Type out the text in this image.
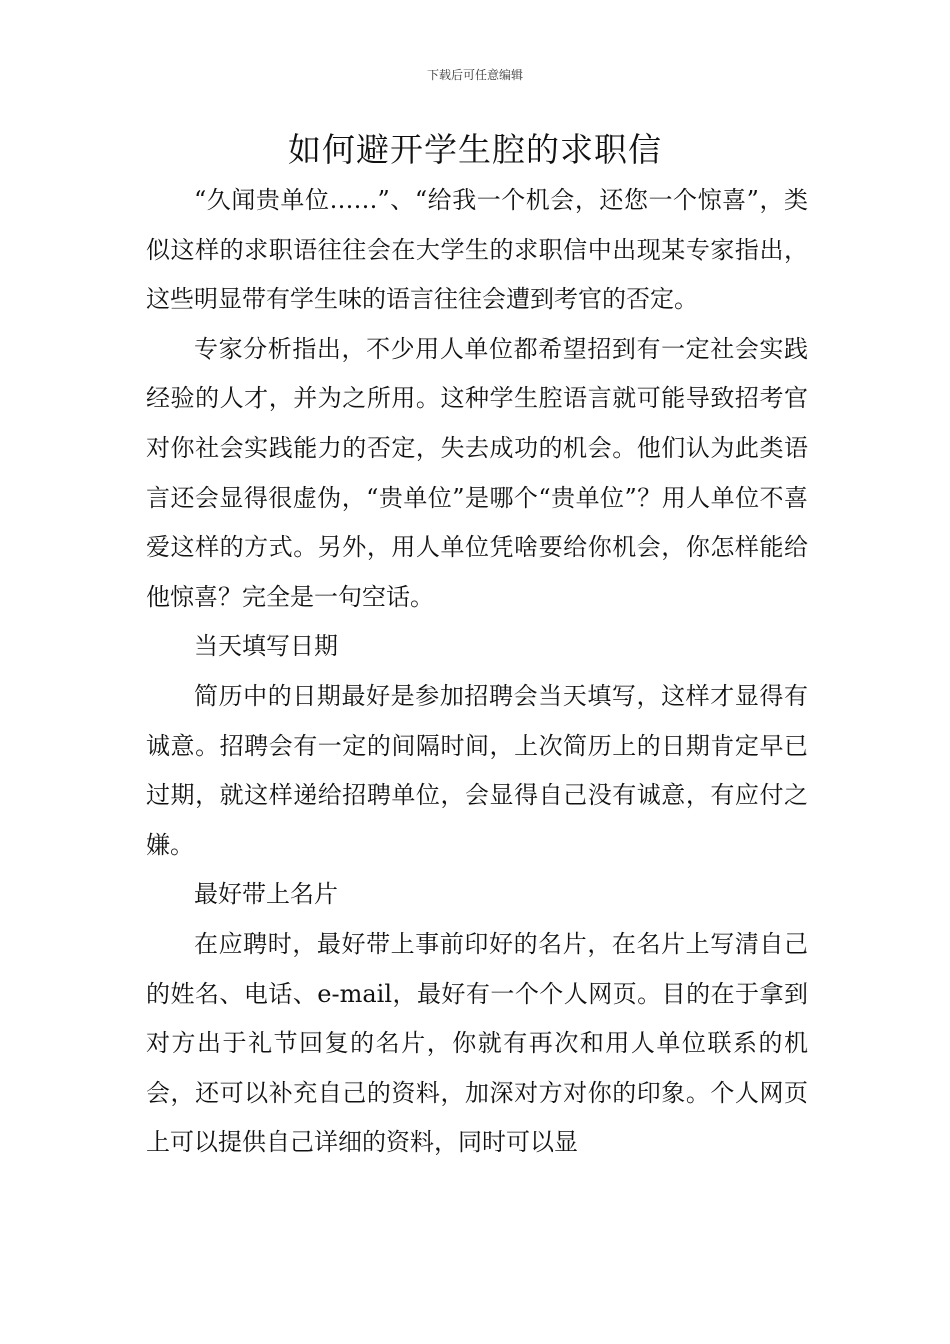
下载后可任意编辑
如何避开学生腔的求职信

“久闻贵单位……”、“给我一个机会，还您一个惊喜”，类似这样的求职语往往会在大学生的求职信中出现某专家指出，这些明显带有学生味的语言往往会遭到考官的否定。

专家分析指出，不少用人单位都希望招到有一定社会实践经验的人才，并为之所用。这种学生腔语言就可能导致招考官对你社会实践能力的否定，失去成功的机会。他们认为此类语言还会显得很虚伪，“贵单位”是哪个“贵单位”？用人单位不喜爱这样的方式。另外，用人单位凭啥要给你机会，你怎样能给他惊喜？完全是一句空话。

当天填写日期

简历中的日期最好是参加招聘会当天填写，这样才显得有诚意。招聘会有一定的间隔时间，上次简历上的日期肯定早已过期，就这样递给招聘单位，会显得自己没有诚意，有应付之嫌。

最好带上名片

在应聘时，最好带上事前印好的名片，在名片上写清自己的姓名、电话、e-mail，最好有一个个人网页。目的在于拿到对方出于礼节回复的名片，你就有再次和用人单位联系的机会，还可以补充自己的资料，加深对方对你的印象。个人网页上可以提供自己详细的资料，同时可以显
